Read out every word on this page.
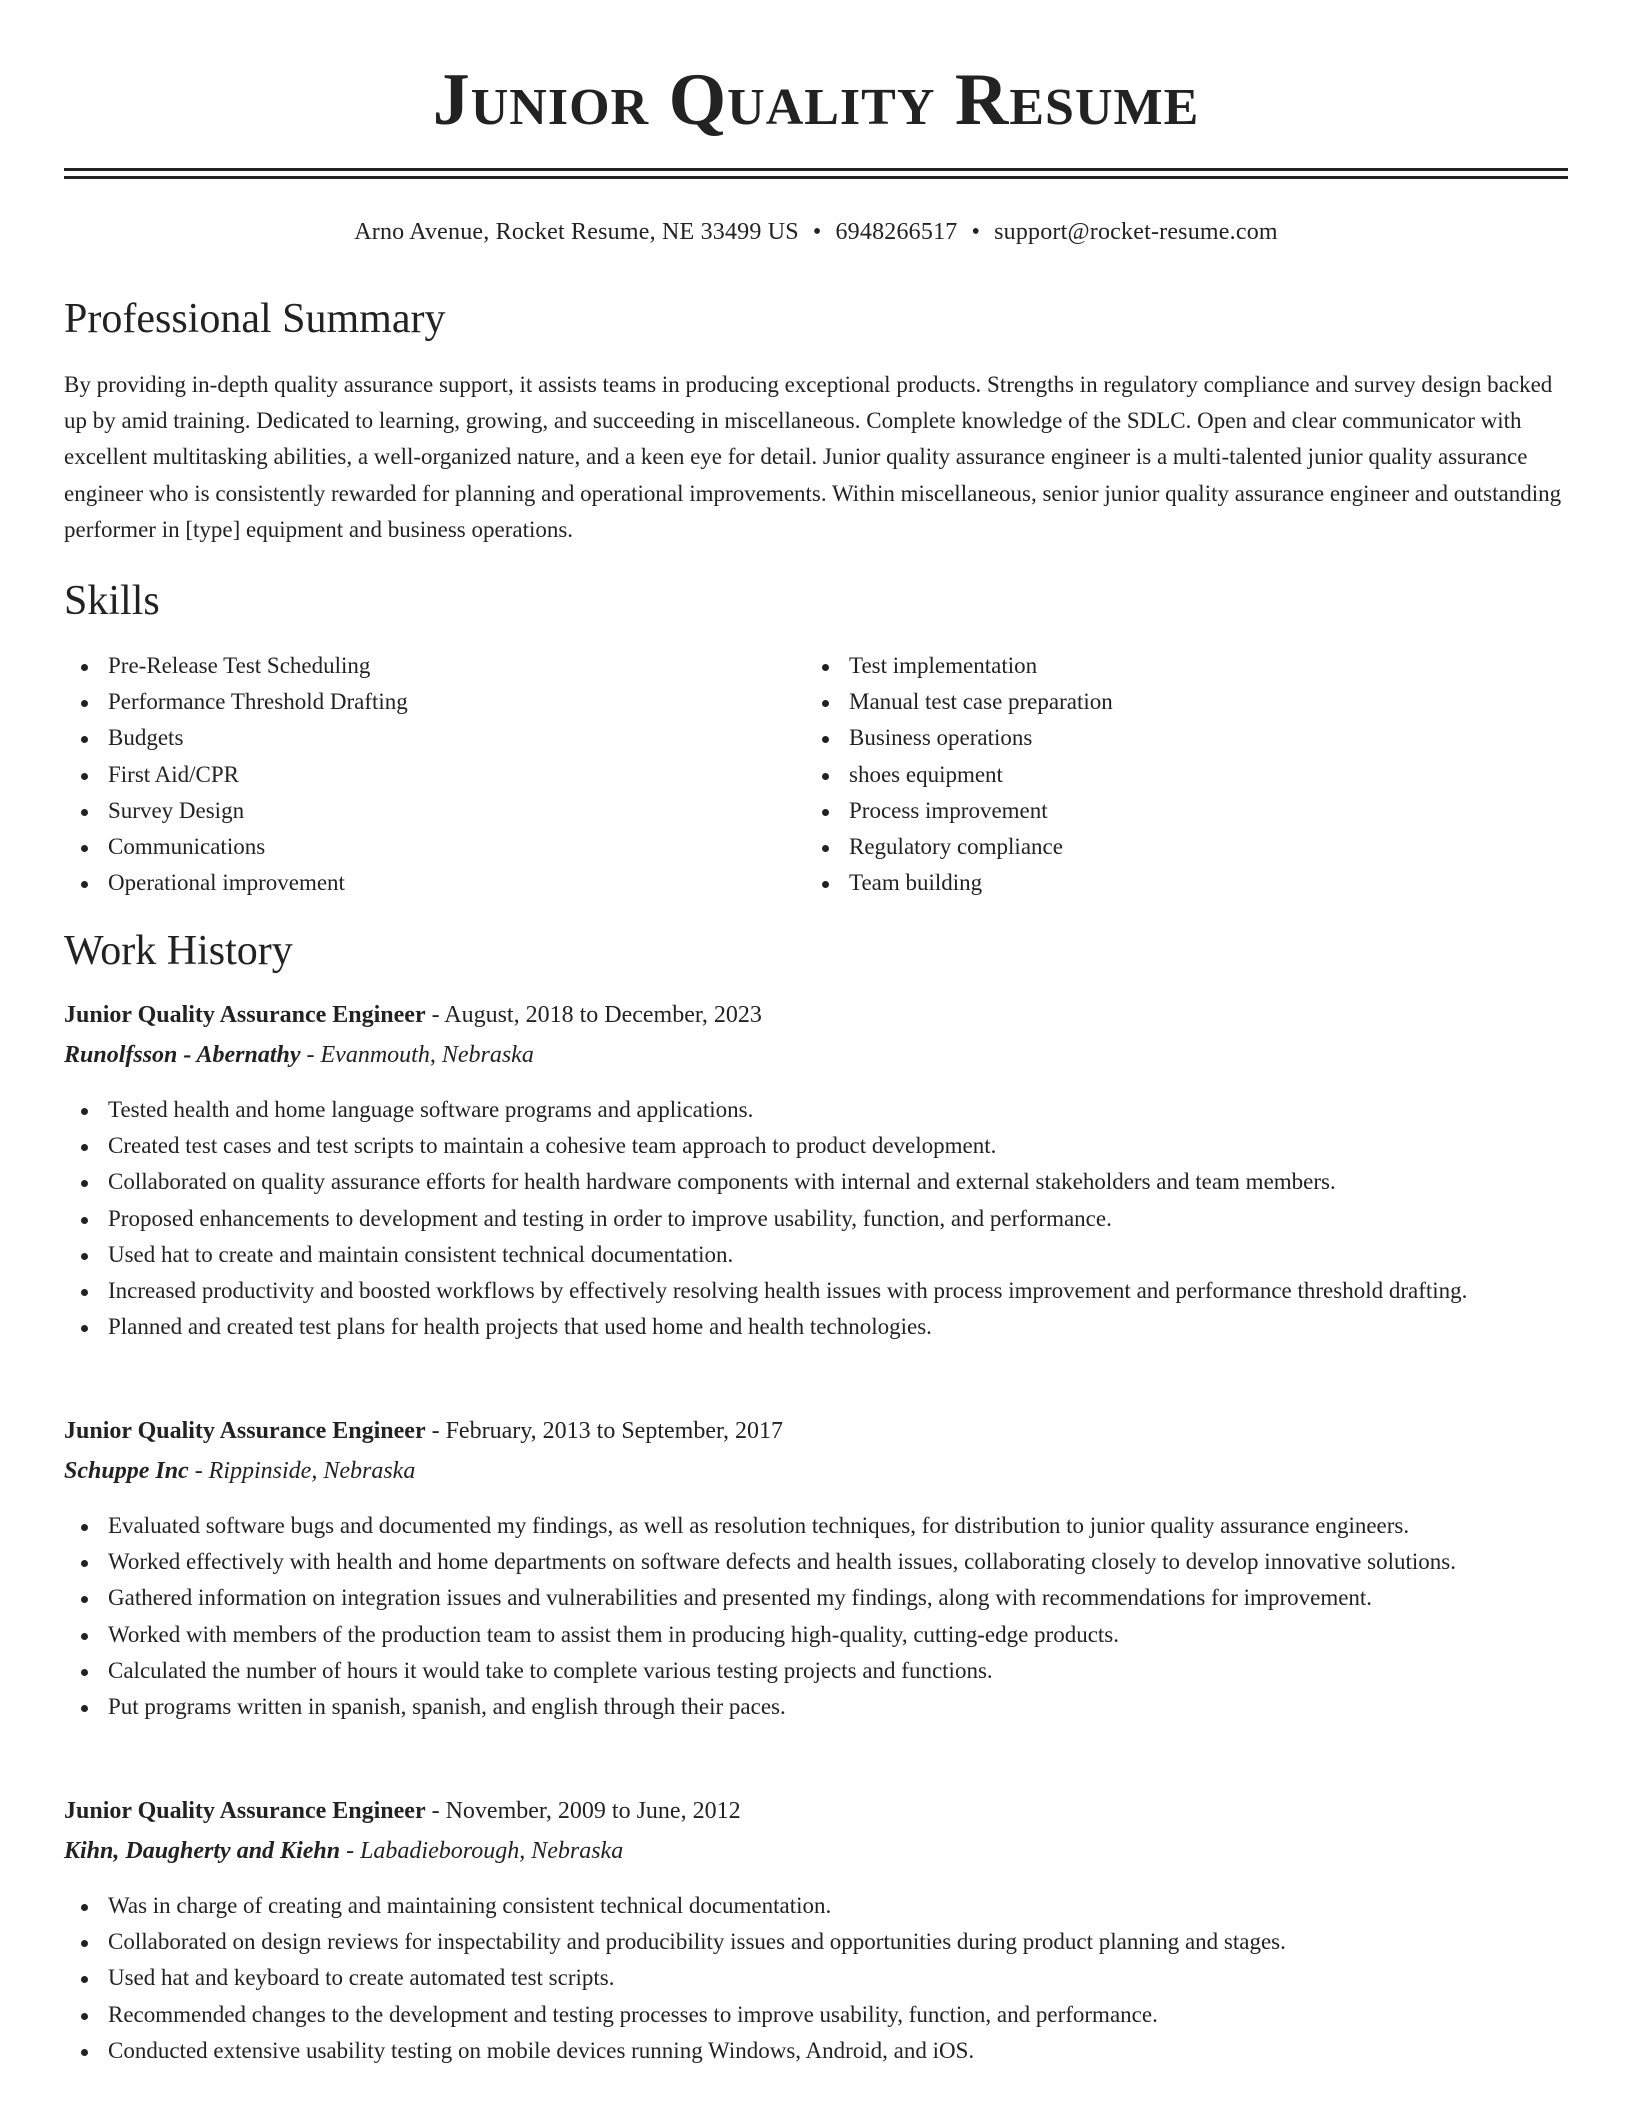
Junior Quality Resume
Arno Avenue, Rocket Resume, NE 33499 US • 6948266517 • support@rocket-resume.com
Professional Summary

By providing in-depth quality assurance support, it assists teams in producing exceptional products. Strengths in regulatory compliance and survey design backed up by amid training. Dedicated to learning, growing, and succeeding in miscellaneous. Complete knowledge of the SDLC. Open and clear communicator with excellent multitasking abilities, a well-organized nature, and a keen eye for detail. Junior quality assurance engineer is a multi-talented junior quality assurance engineer who is consistently rewarded for planning and operational improvements. Within miscellaneous, senior junior quality assurance engineer and outstanding performer in [type] equipment and business operations.

Skills
Pre-Release Test Scheduling
Performance Threshold Drafting
Budgets
First Aid/CPR
Survey Design
Communications
Operational improvement
Test implementation
Manual test case preparation
Business operations
shoes equipment
Process improvement
Regulatory compliance
Team building
Work History

Junior Quality Assurance Engineer - August, 2018 to December, 2023

Runolfsson - Abernathy - Evanmouth, Nebraska

Tested health and home language software programs and applications.
Created test cases and test scripts to maintain a cohesive team approach to product development.
Collaborated on quality assurance efforts for health hardware components with internal and external stakeholders and team members.
Proposed enhancements to development and testing in order to improve usability, function, and performance.
Used hat to create and maintain consistent technical documentation.
Increased productivity and boosted workflows by effectively resolving health issues with process improvement and performance threshold drafting.
Planned and created test plans for health projects that used home and health technologies.

Junior Quality Assurance Engineer - February, 2013 to September, 2017

Schuppe Inc - Rippinside, Nebraska

Evaluated software bugs and documented my findings, as well as resolution techniques, for distribution to junior quality assurance engineers.
Worked effectively with health and home departments on software defects and health issues, collaborating closely to develop innovative solutions.
Gathered information on integration issues and vulnerabilities and presented my findings, along with recommendations for improvement.
Worked with members of the production team to assist them in producing high-quality, cutting-edge products.
Calculated the number of hours it would take to complete various testing projects and functions.
Put programs written in spanish, spanish, and english through their paces.

Junior Quality Assurance Engineer - November, 2009 to June, 2012

Kihn, Daugherty and Kiehn - Labadieborough, Nebraska

Was in charge of creating and maintaining consistent technical documentation.
Collaborated on design reviews for inspectability and producibility issues and opportunities during product planning and stages.
Used hat and keyboard to create automated test scripts.
Recommended changes to the development and testing processes to improve usability, function, and performance.
Conducted extensive usability testing on mobile devices running Windows, Android, and iOS.
